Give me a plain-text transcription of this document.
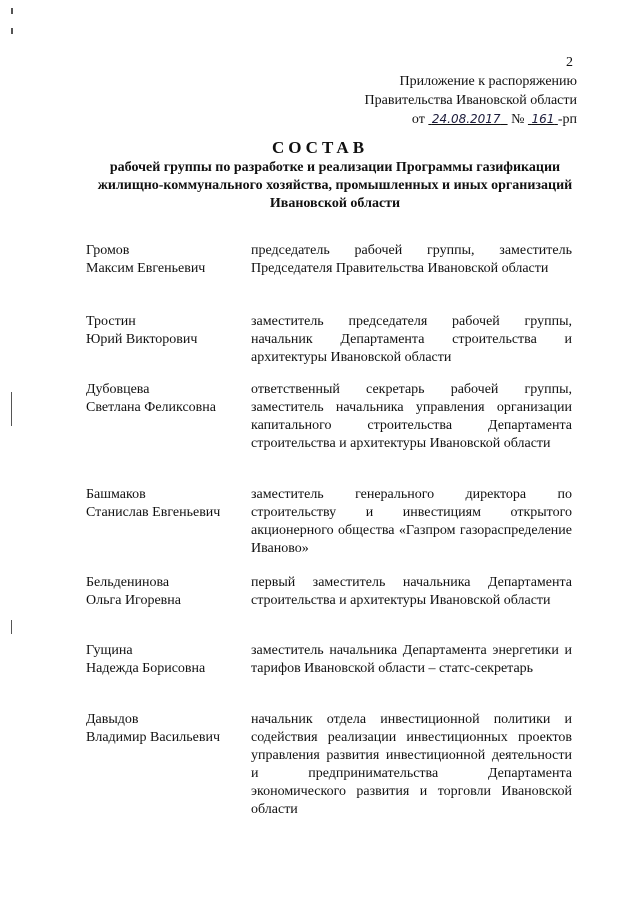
2
Приложение к распоряжению
Правительства Ивановской области
от  24.08.2017   №  161 -рп
СОСТАВ
рабочей группы по разработке и реализации Программы газификации жилищно-коммунального хозяйства, промышленных и иных организаций Ивановской области
Громов
Максим Евгеньевич
председатель рабочей группы, заместитель Председателя Правительства Ивановской области
Тростин
Юрий Викторович
заместитель председателя рабочей группы, начальник Департамента строительства и архитектуры Ивановской области
Дубовцева
Светлана Феликсовна
ответственный секретарь рабочей группы, заместитель начальника управления организации капитального строительства Департамента строительства и архитектуры Ивановской области
Башмаков
Станислав Евгеньевич
заместитель генерального директора по строительству и инвестициям открытого акционерного общества «Газпром газораспределение Иваново»
Бельденинова
Ольга Игоревна
первый заместитель начальника Департамента строительства и архитектуры Ивановской области
Гущина
Надежда Борисовна
заместитель начальника Департамента энергетики и тарифов Ивановской области – статс-секретарь
Давыдов
Владимир Васильевич
начальник отдела инвестиционной политики и содействия реализации инвестиционных проектов управления развития инвестиционной деятельности и предпринимательства Департамента экономического развития и торговли Ивановской области
